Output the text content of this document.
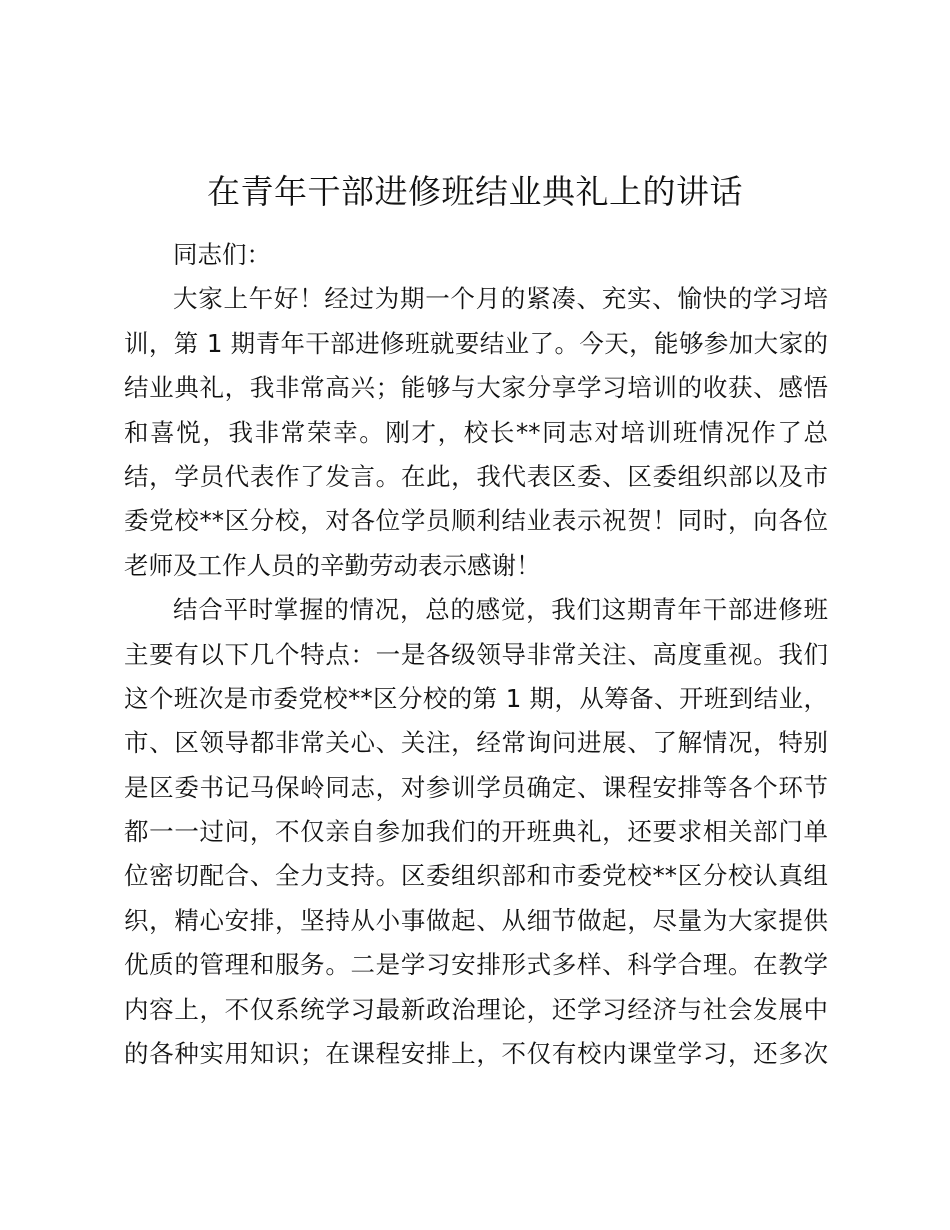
在青年干部进修班结业典礼上的讲话
同志们：
大家上午好！经过为期一个月的紧凑、充实、愉快的学习培
训，第 1 期青年干部进修班就要结业了。今天，能够参加大家的
结业典礼，我非常高兴；能够与大家分享学习培训的收获、感悟
和喜悦，我非常荣幸。刚才，校长**同志对培训班情况作了总
结，学员代表作了发言。在此，我代表区委、区委组织部以及市
委党校**区分校，对各位学员顺利结业表示祝贺！同时，向各位
老师及工作人员的辛勤劳动表示感谢！
结合平时掌握的情况，总的感觉，我们这期青年干部进修班
主要有以下几个特点：一是各级领导非常关注、高度重视。我们
这个班次是市委党校**区分校的第 1 期，从筹备、开班到结业，
市、区领导都非常关心、关注，经常询问进展、了解情况，特别
是区委书记马保岭同志，对参训学员确定、课程安排等各个环节
都一一过问，不仅亲自参加我们的开班典礼，还要求相关部门单
位密切配合、全力支持。区委组织部和市委党校**区分校认真组
织，精心安排，坚持从小事做起、从细节做起，尽量为大家提供
优质的管理和服务。二是学习安排形式多样、科学合理。在教学
内容上，不仅系统学习最新政治理论，还学习经济与社会发展中
的各种实用知识；在课程安排上，不仅有校内课堂学习，还多次
